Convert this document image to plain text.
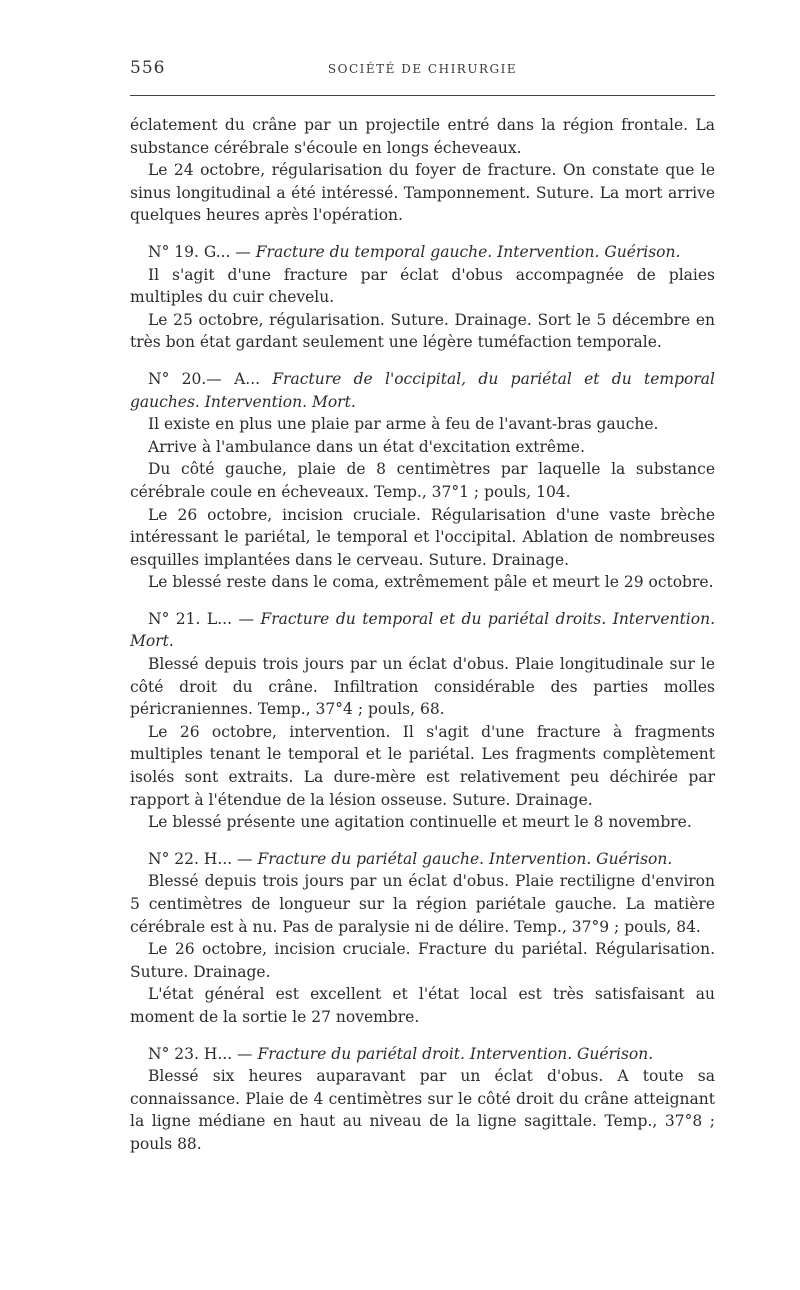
556	SOCIÉTÉ DE CHIRURGIE

éclatement du crâne par un projectile entré dans la région frontale. La substance cérébrale s'écoule en longs écheveaux.

Le 24 octobre, régularisation du foyer de fracture. On constate que le sinus longitudinal a été intéressé. Tamponnement. Suture. La mort arrive quelques heures après l'opération.

N° 19. G... — Fracture du temporal gauche. Intervention. Guérison.

Il s'agit d'une fracture par éclat d'obus accompagnée de plaies multiples du cuir chevelu.

Le 25 octobre, régularisation. Suture. Drainage. Sort le 5 décembre en très bon état gardant seulement une légère tuméfaction temporale.

N° 20.— A... Fracture de l'occipital, du pariétal et du temporal gauches. Intervention. Mort.

Il existe en plus une plaie par arme à feu de l'avant-bras gauche.

Arrive à l'ambulance dans un état d'excitation extrême.

Du côté gauche, plaie de 8 centimètres par laquelle la substance cérébrale coule en écheveaux. Temp., 37°1 ; pouls, 104.

Le 26 octobre, incision cruciale. Régularisation d'une vaste brèche intéressant le pariétal, le temporal et l'occipital. Ablation de nombreuses esquilles implantées dans le cerveau. Suture. Drainage.

Le blessé reste dans le coma, extrêmement pâle et meurt le 29 octobre.

N° 21. L... — Fracture du temporal et du pariétal droits. Intervention. Mort.

Blessé depuis trois jours par un éclat d'obus. Plaie longitudinale sur le côté droit du crâne. Infiltration considérable des parties molles péricraniennes. Temp., 37°4 ; pouls, 68.

Le 26 octobre, intervention. Il s'agit d'une fracture à fragments multiples tenant le temporal et le pariétal. Les fragments complètement isolés sont extraits. La dure-mère est relativement peu déchirée par rapport à l'étendue de la lésion osseuse. Suture. Drainage.

Le blessé présente une agitation continuelle et meurt le 8 novembre.

N° 22. H... — Fracture du pariétal gauche. Intervention. Guérison.

Blessé depuis trois jours par un éclat d'obus. Plaie rectiligne d'environ 5 centimètres de longueur sur la région pariétale gauche. La matière cérébrale est à nu. Pas de paralysie ni de délire. Temp., 37°9 ; pouls, 84.

Le 26 octobre, incision cruciale. Fracture du pariétal. Régularisation. Suture. Drainage.

L'état général est excellent et l'état local est très satisfaisant au moment de la sortie le 27 novembre.

N° 23. H... — Fracture du pariétal droit. Intervention. Guérison.

Blessé six heures auparavant par un éclat d'obus. A toute sa connaissance. Plaie de 4 centimètres sur le côté droit du crâne atteignant la ligne médiane en haut au niveau de la ligne sagittale. Temp., 37°8 ; pouls 88.
